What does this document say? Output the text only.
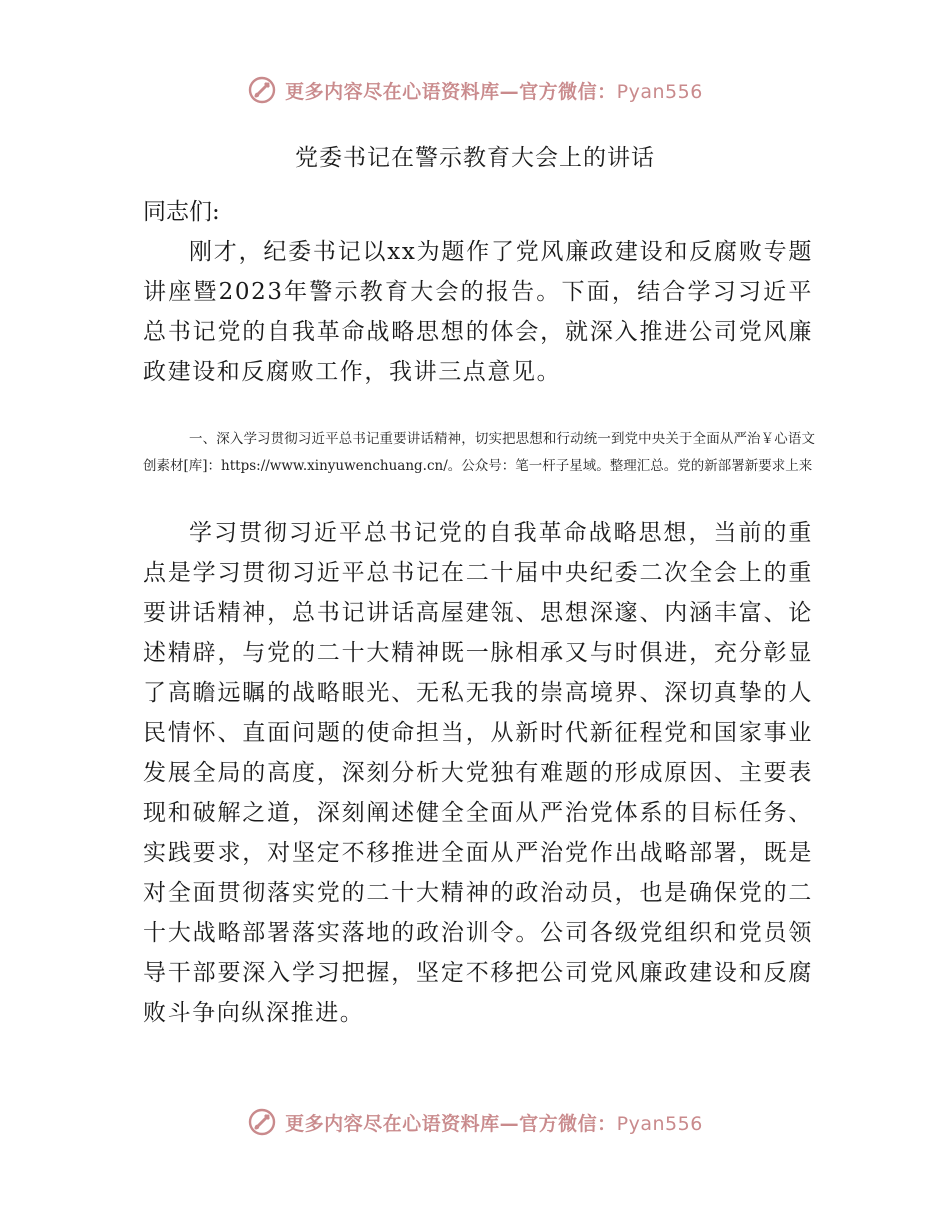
更多内容尽在心语资料库—官方微信：Pyan556
党委书记在警示教育大会上的讲话
同志们:
刚才，纪委书记以xx为题作了党风廉政建设和反腐败专题讲座暨2023年警示教育大会的报告。下面，结合学习习近平总书记党的自我革命战略思想的体会，就深入推进公司党风廉政建设和反腐败工作，我讲三点意见。
一、深入学习贯彻习近平总书记重要讲话精神，切实把思想和行动统一到党中央关于全面从严治￥心语文创素材[库]：https://www.xinyuwenchuang.cn/。公众号：笔一杆子星域。整理汇总。党的新部署新要求上来
学习贯彻习近平总书记党的自我革命战略思想，当前的重点是学习贯彻习近平总书记在二十届中央纪委二次全会上的重要讲话精神，总书记讲话高屋建瓴、思想深邃、内涵丰富、论述精辟，与党的二十大精神既一脉相承又与时俱进，充分彰显了高瞻远瞩的战略眼光、无私无我的崇高境界、深切真挚的人民情怀、直面问题的使命担当，从新时代新征程党和国家事业发展全局的高度，深刻分析大党独有难题的形成原因、主要表现和破解之道，深刻阐述健全全面从严治党体系的目标任务、实践要求，对坚定不移推进全面从严治党作出战略部署，既是对全面贯彻落实党的二十大精神的政治动员，也是确保党的二十大战略部署落实落地的政治训令。公司各级党组织和党员领导干部要深入学习把握，坚定不移把公司党风廉政建设和反腐败斗争向纵深推进。
更多内容尽在心语资料库—官方微信：Pyan556
